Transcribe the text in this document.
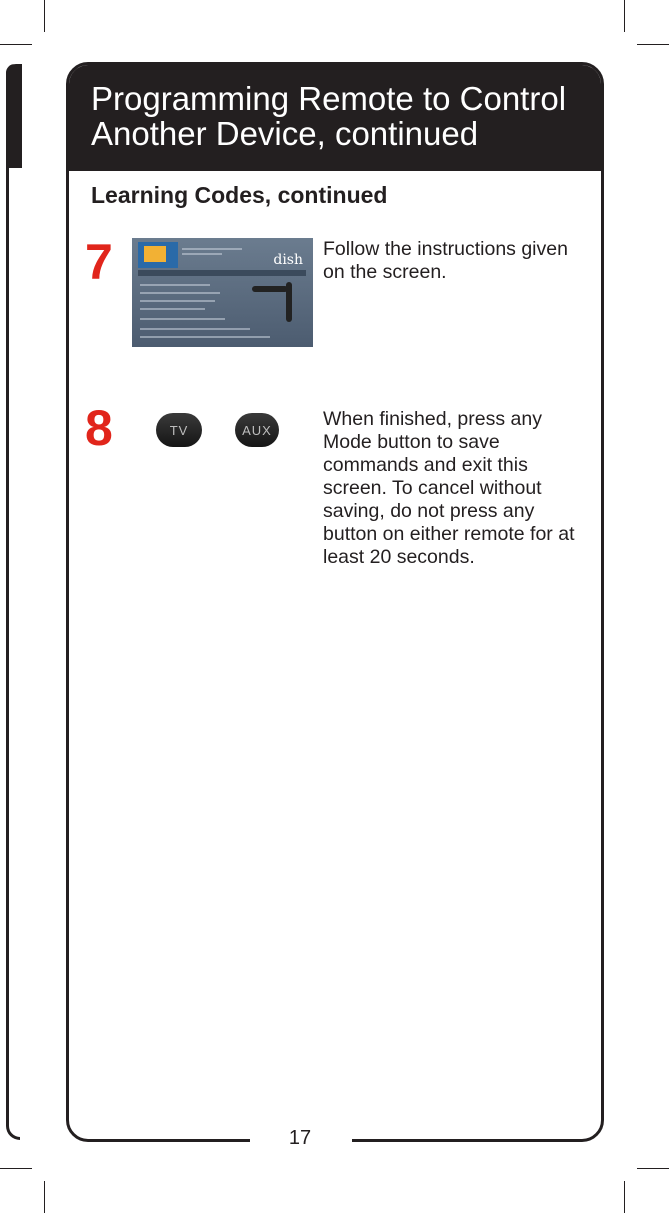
Programming Remote to Control
Another Device, continued
Learning Codes, continued
7	dish Follow the instructions given on the screen.

8	TV	AUX	When finished, press any Mode button to save commands and exit this screen. To cancel without saving, do not press any button on either remote for at least 20 seconds.

17
